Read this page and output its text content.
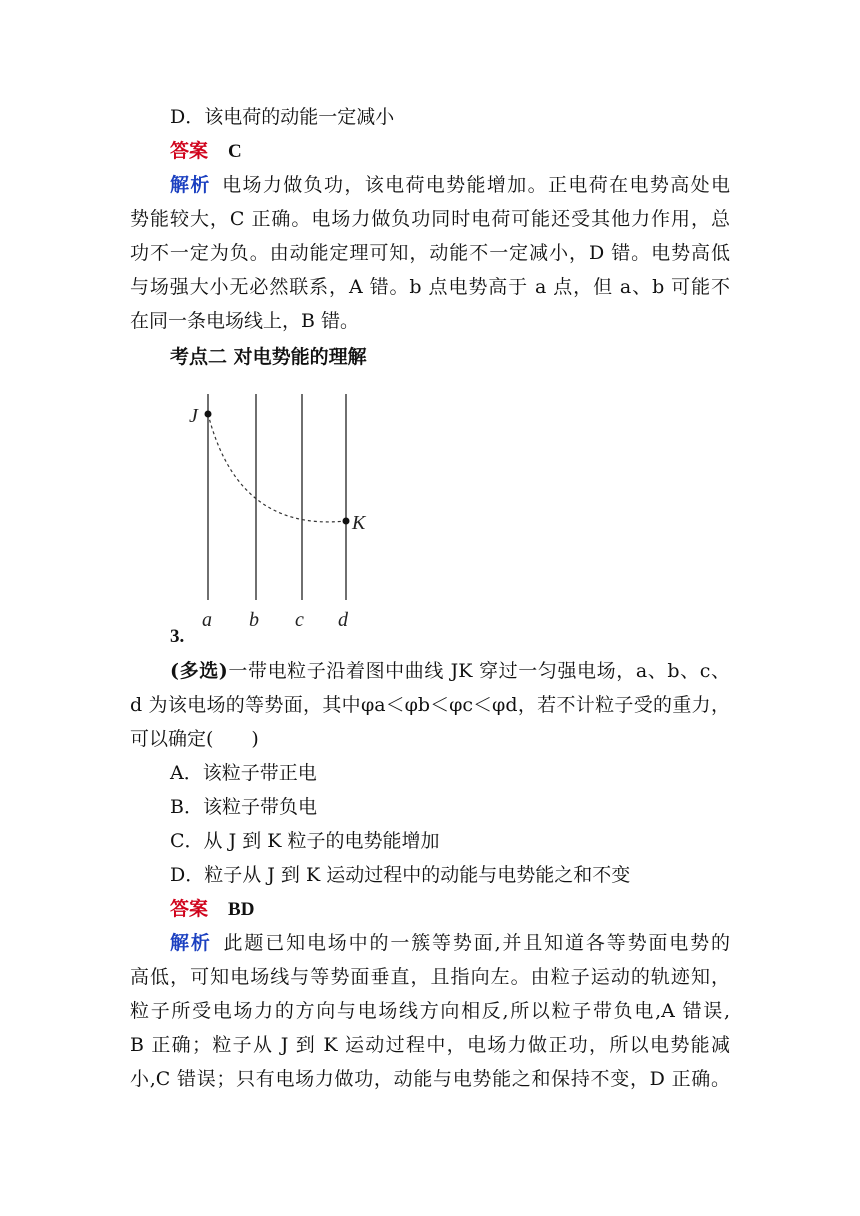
D．该电荷的动能一定减小
答案 C
解析 电场力做负功，该电荷电势能增加。正电荷在电势高处电
势能较大，C 正确。电场力做负功同时电荷可能还受其他力作用，总
功不一定为负。由动能定理可知，动能不一定减小，D 错。电势高低
与场强大小无必然联系，A 错。b 点电势高于 a 点，但 a、b 可能不
在同一条电场线上，B 错。
考点二 对电势能的理解
J
K
a b c d
3.
(多选)一带电粒子沿着图中曲线 JK 穿过一匀强电场，a、b、c、
d 为该电场的等势面，其中φa＜φb＜φc＜φd，若不计粒子受的重力，
可以确定(　　)
A．该粒子带正电
B．该粒子带负电
C．从 J 到 K 粒子的电势能增加
D．粒子从 J 到 K 运动过程中的动能与电势能之和不变
答案 BD
解析 此题已知电场中的一簇等势面,并且知道各等势面电势的
高低，可知电场线与等势面垂直，且指向左。由粒子运动的轨迹知，
粒子所受电场力的方向与电场线方向相反,所以粒子带负电,A 错误,
B 正确；粒子从 J 到 K 运动过程中，电场力做正功，所以电势能减
小,C 错误；只有电场力做功，动能与电势能之和保持不变，D 正确。
